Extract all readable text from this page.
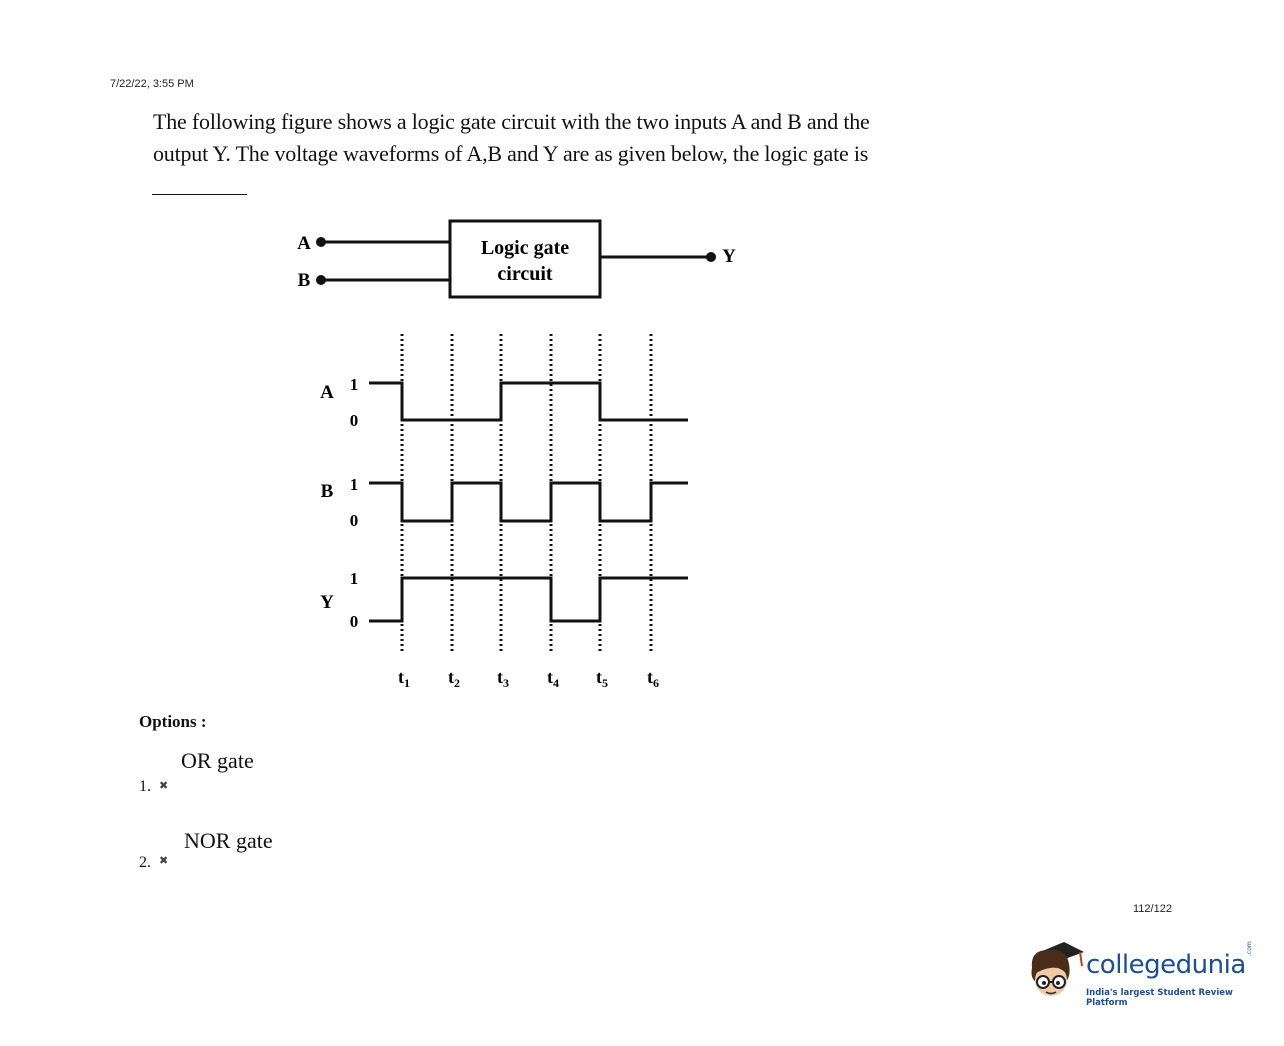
7/22/22, 3:55 PM
The following figure shows a logic gate circuit with the two inputs A and B and the
output Y. The voltage waveforms of A,B and Y are as given below, the logic gate is
A
B
Logic gate
circuit
Y
A 1
0
B 1
0
Y
1
0
$t_1$ $t_2$ $t_3$ $t_4$ $t_5$ $t_6$
Options :
OR gate
1. ✖
NOR gate
2. ✖
112/122
collegedunia
.com
India's largest Student Review Platform
